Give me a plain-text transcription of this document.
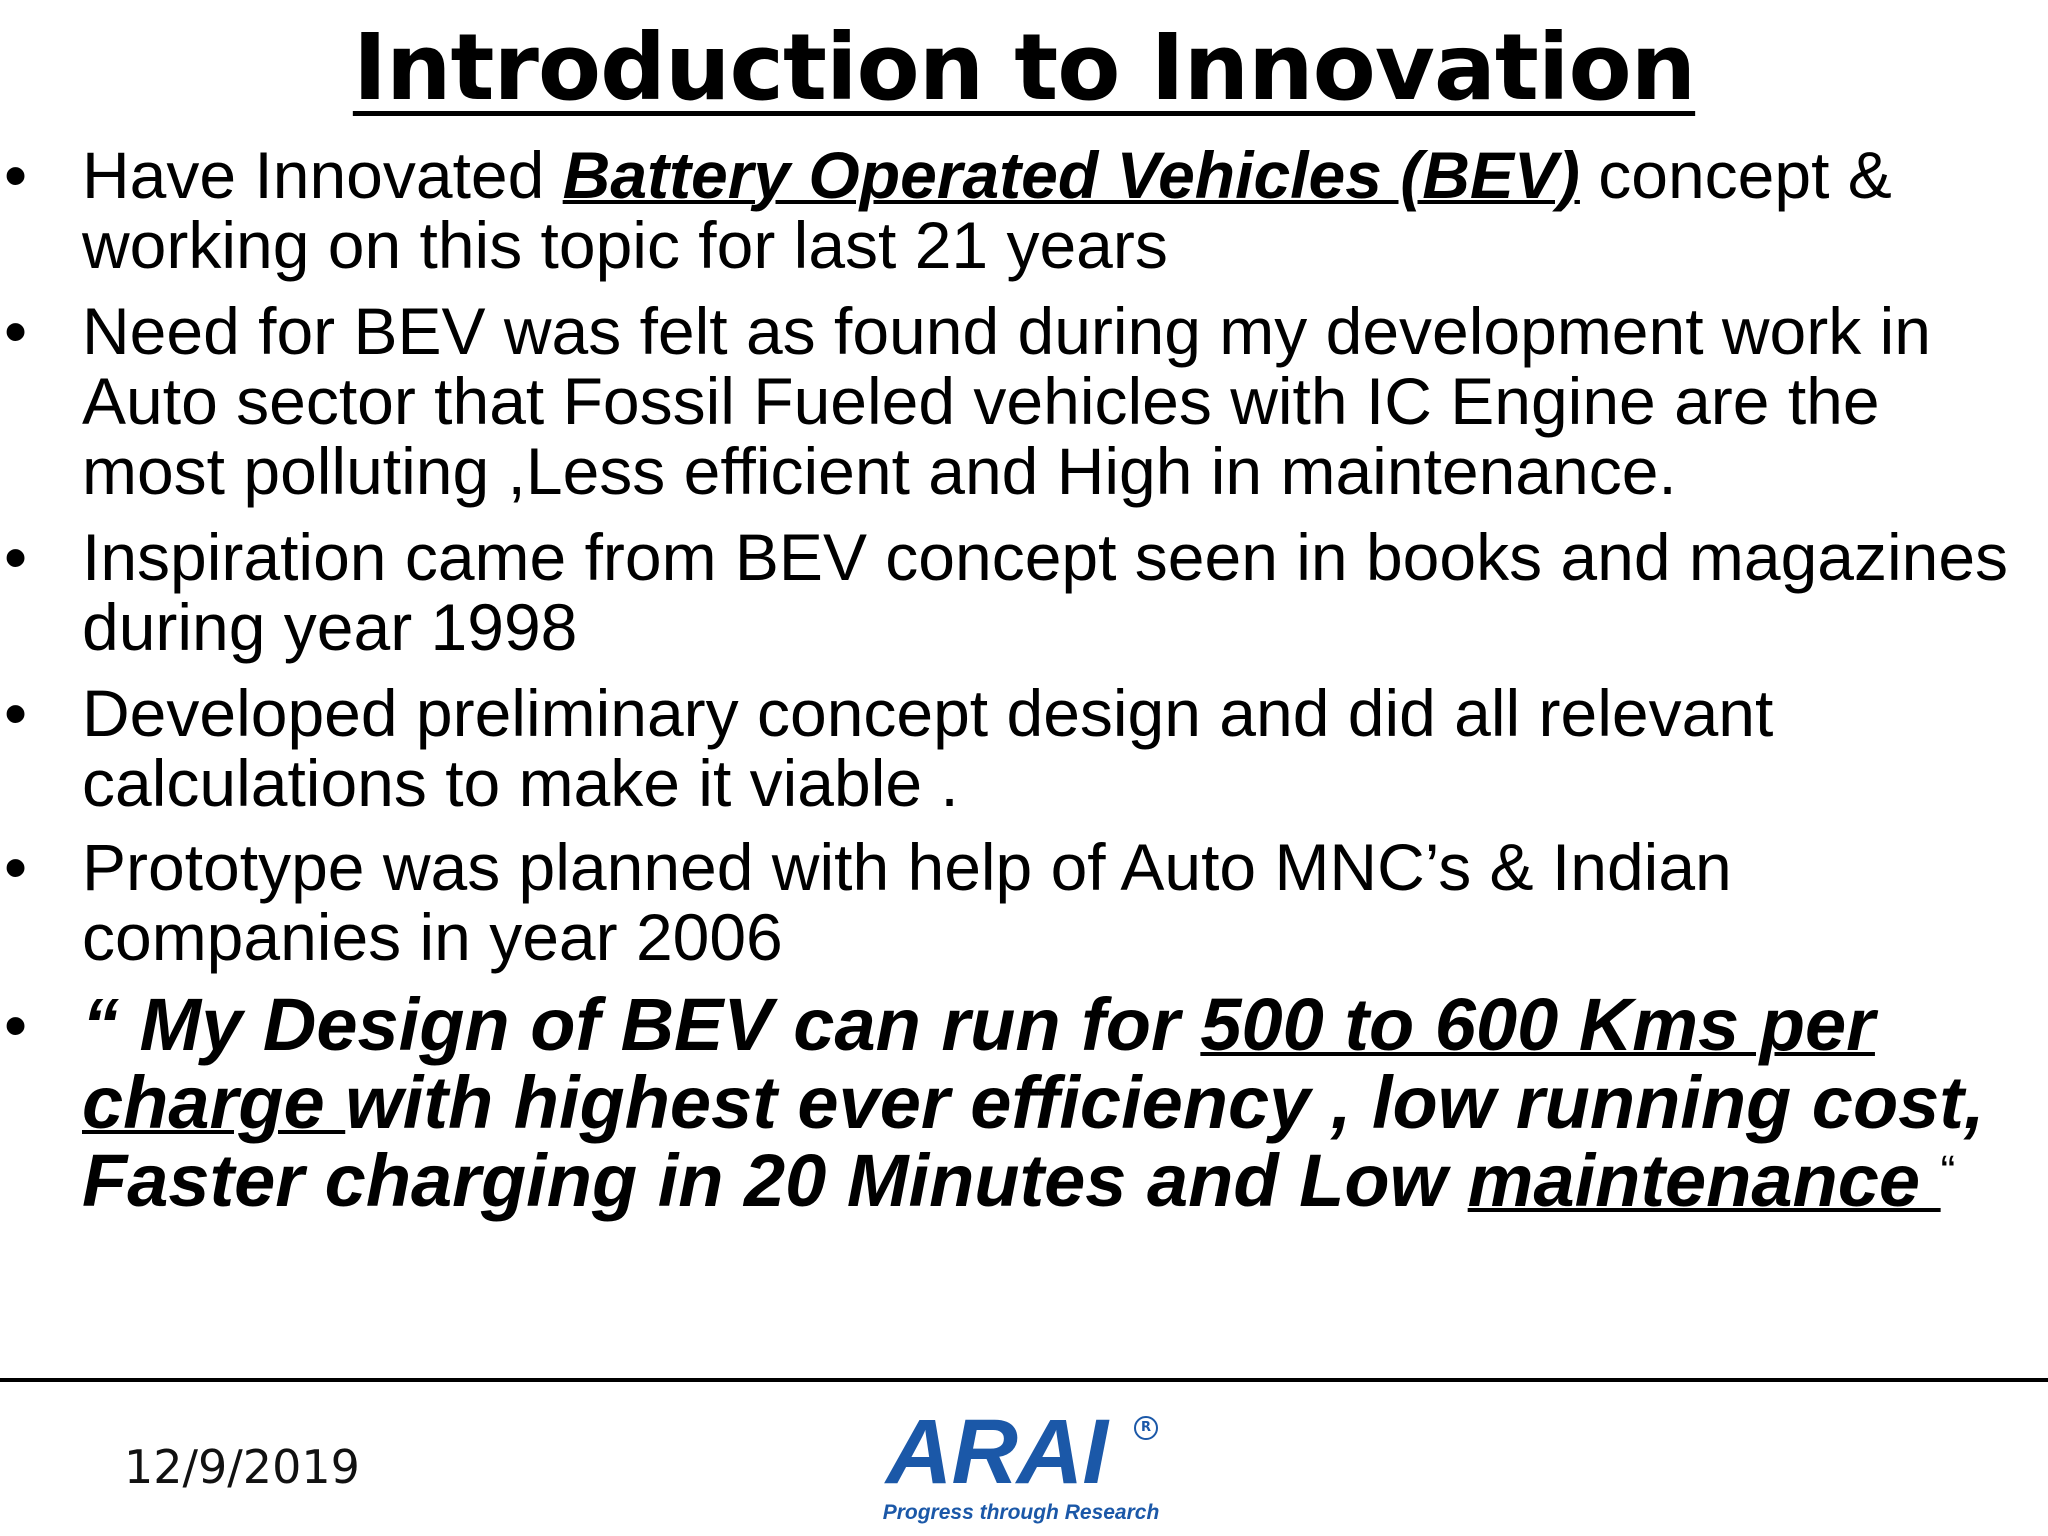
Introduction to Innovation
• Have Innovated Battery Operated Vehicles (BEV) concept & working on this topic for last 21 years
• Need for BEV was felt as found during my development work in Auto sector that Fossil Fueled vehicles with IC Engine are the most polluting ,Less efficient and High in maintenance.
• Inspiration came from BEV concept seen in books and magazines during year 1998
• Developed preliminary concept design and did all relevant calculations to make it viable .
• Prototype was planned with help of Auto MNC’s & Indian companies in year 2006
• “ My Design of BEV can run for 500 to 600 Kms per charge with highest ever efficiency , low running cost, Faster charging in 20 Minutes and Low maintenance “
12/9/2019	ARAI	R
Progress through Research
